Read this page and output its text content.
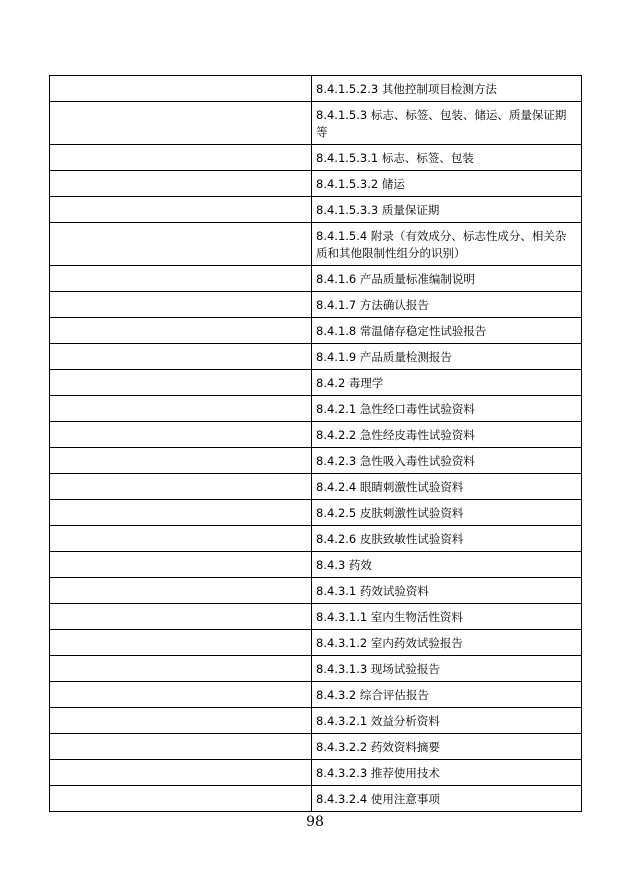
	8.4.1.5.2.3 其他控制项目检测方法
	8.4.1.5.3 标志、标签、包装、储运、质量保证期等
	8.4.1.5.3.1 标志、标签、包装
	8.4.1.5.3.2 储运
	8.4.1.5.3.3 质量保证期
	8.4.1.5.4 附录（有效成分、标志性成分、相关杂质和其他限制性组分的识别）
	8.4.1.6 产品质量标准编制说明
	8.4.1.7 方法确认报告
	8.4.1.8 常温储存稳定性试验报告
	8.4.1.9 产品质量检测报告
	8.4.2 毒理学
	8.4.2.1 急性经口毒性试验资料
	8.4.2.2 急性经皮毒性试验资料
	8.4.2.3 急性吸入毒性试验资料
	8.4.2.4 眼睛刺激性试验资料
	8.4.2.5 皮肤刺激性试验资料
	8.4.2.6 皮肤致敏性试验资料
	8.4.3 药效
	8.4.3.1 药效试验资料
	8.4.3.1.1 室内生物活性资料
	8.4.3.1.2 室内药效试验报告
	8.4.3.1.3 现场试验报告
	8.4.3.2 综合评估报告
	8.4.3.2.1 效益分析资料
	8.4.3.2.2 药效资料摘要
	8.4.3.2.3 推荐使用技术
	8.4.3.2.4 使用注意事项
98
